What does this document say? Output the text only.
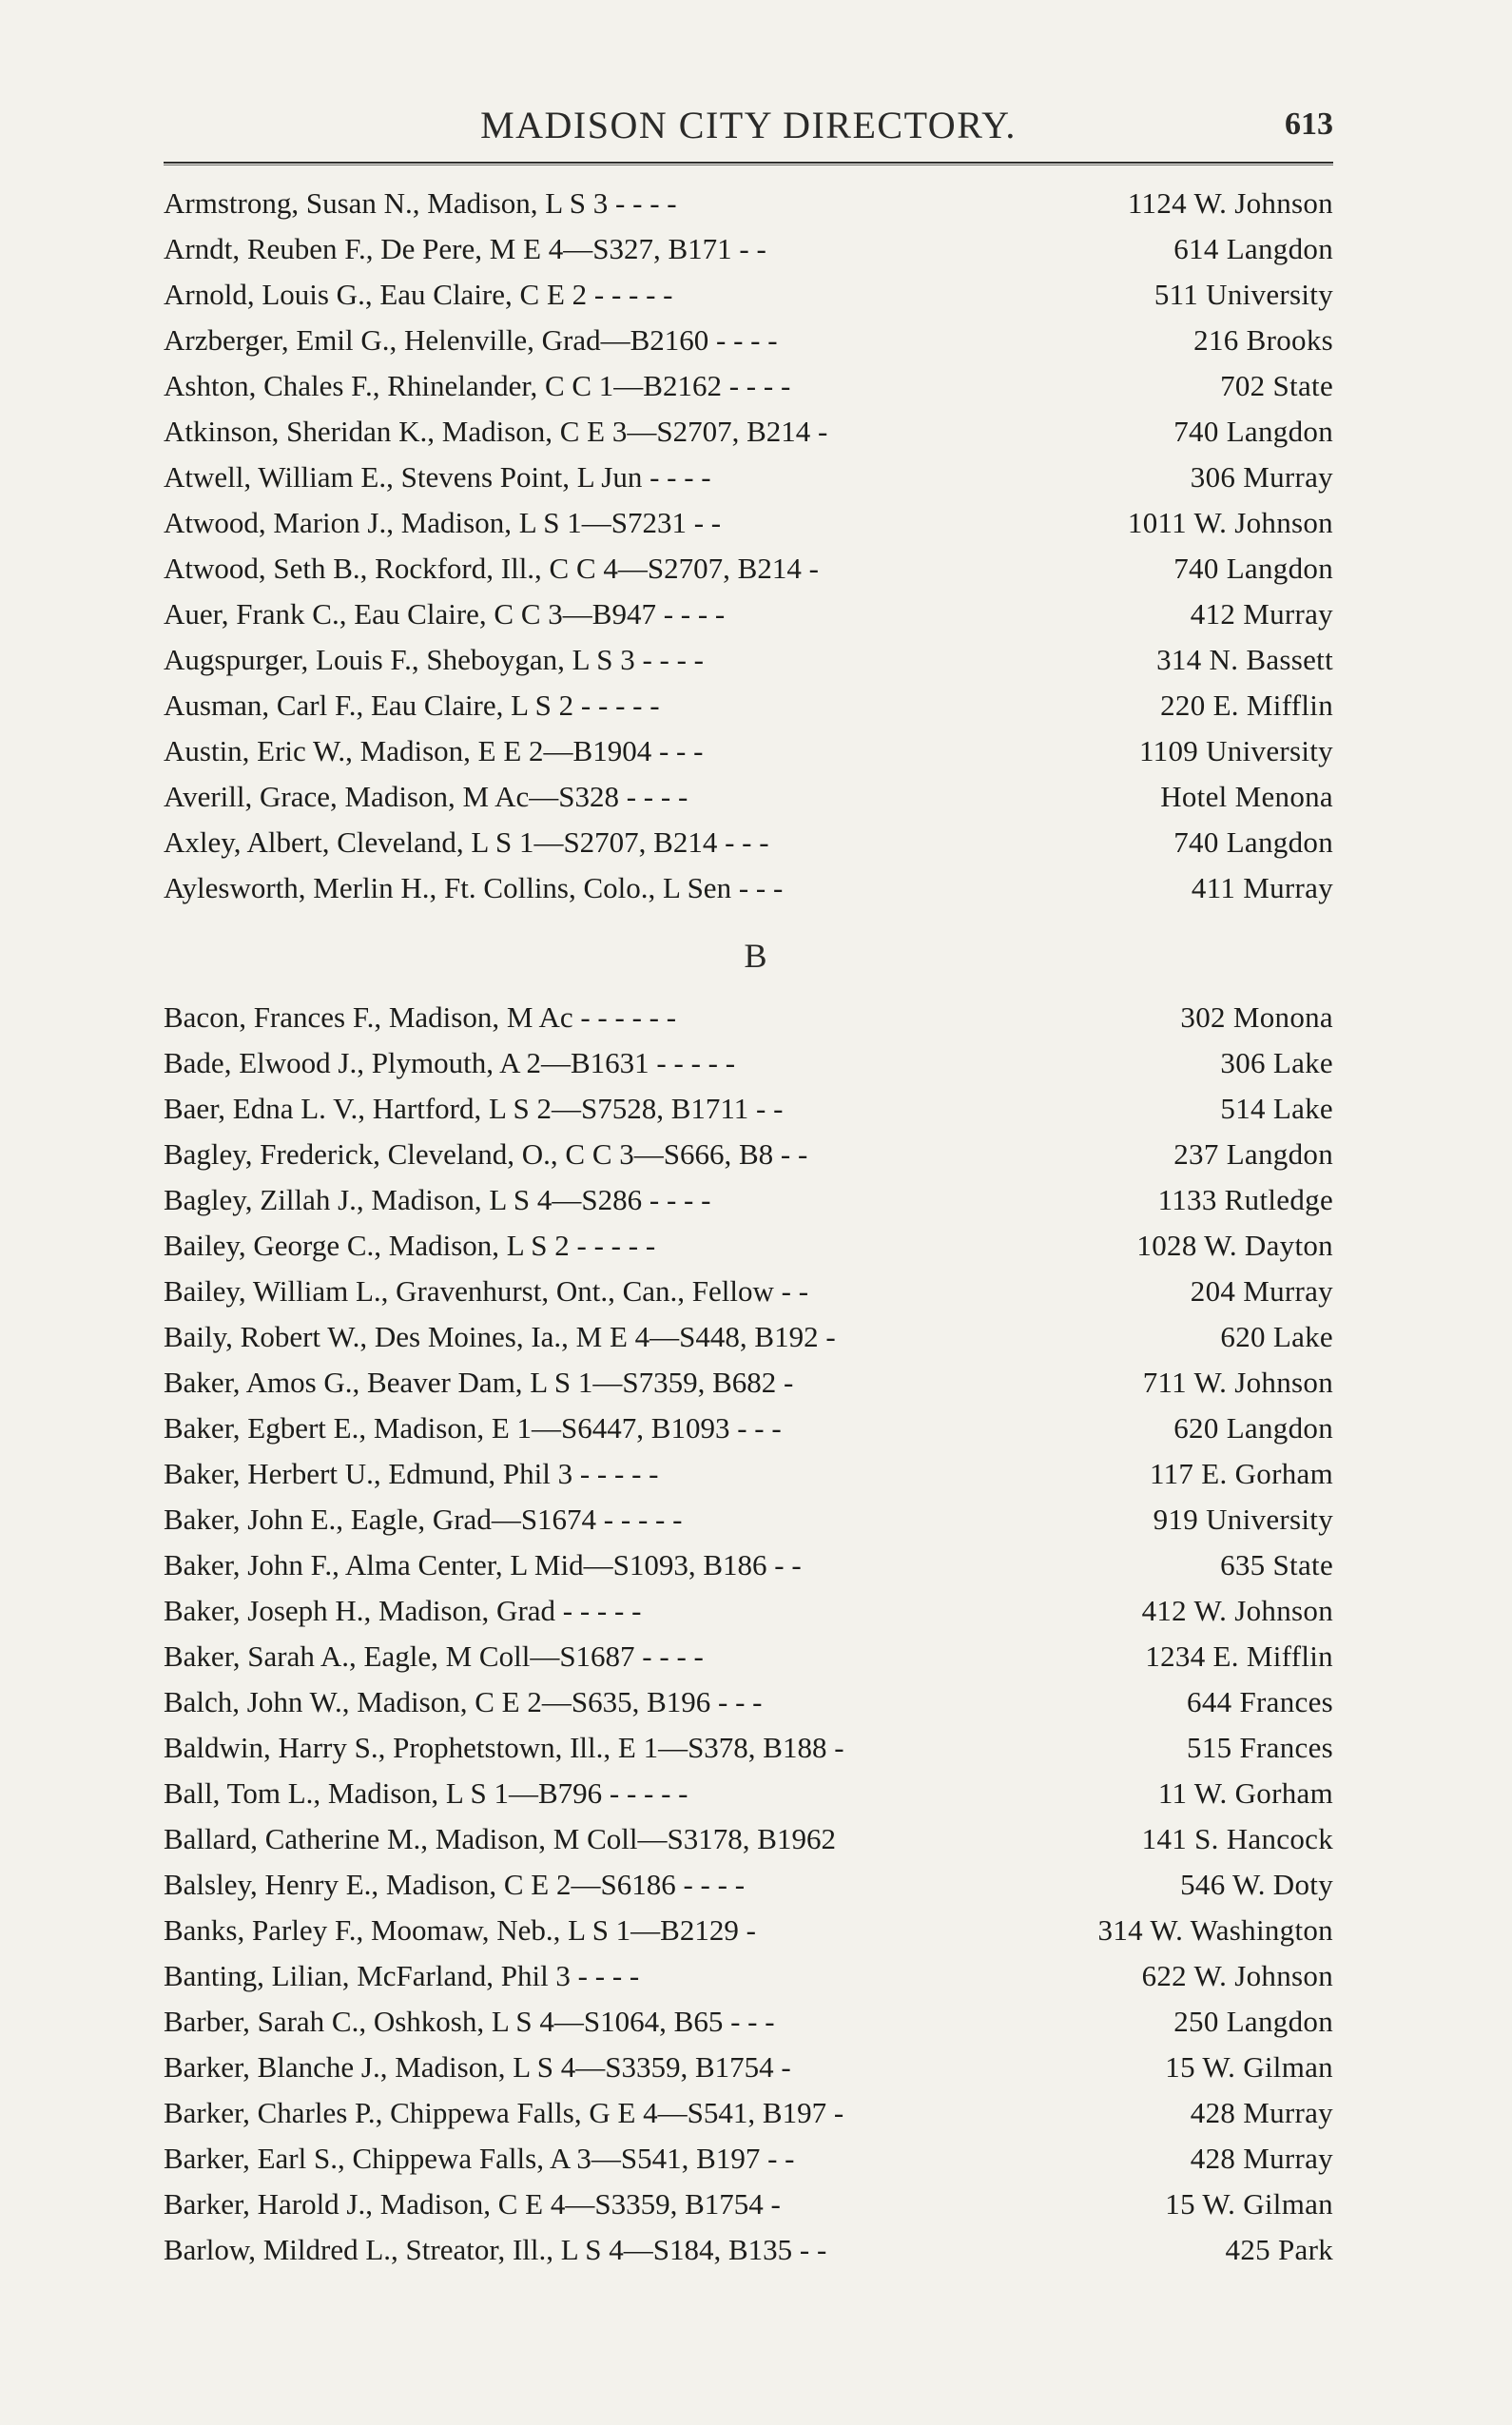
MADISON CITY DIRECTORY.	613
Armstrong, Susan N., Madison, L S 3 - - - -	1124 W. Johnson
Arndt, Reuben F., De Pere, M E 4—S327, B171 - -	614 Langdon
Arnold, Louis G., Eau Claire, C E 2 - - - - -	511 University
Arzberger, Emil G., Helenville, Grad—B2160 - - - -	216 Brooks
Ashton, Chales F., Rhinelander, C C 1—B2162 - - - -	702 State
Atkinson, Sheridan K., Madison, C E 3—S2707, B214 -	740 Langdon
Atwell, William E., Stevens Point, L Jun - - - -	306 Murray
Atwood, Marion J., Madison, L S 1—S7231 - -	1011 W. Johnson
Atwood, Seth B., Rockford, Ill., C C 4—S2707, B214 -	740 Langdon
Auer, Frank C., Eau Claire, C C 3—B947 - - - -	412 Murray
Augspurger, Louis F., Sheboygan, L S 3 - - - -	314 N. Bassett
Ausman, Carl F., Eau Claire, L S 2 - - - - -	220 E. Mifflin
Austin, Eric W., Madison, E E 2—B1904 - - -	1109 University
Averill, Grace, Madison, M Ac—S328 - - - -	Hotel Menona
Axley, Albert, Cleveland, L S 1—S2707, B214 - - -	740 Langdon
Aylesworth, Merlin H., Ft. Collins, Colo., L Sen - - -	411 Murray
B
Bacon, Frances F., Madison, M Ac - - - - - -	302 Monona
Bade, Elwood J., Plymouth, A 2—B1631 - - - - -	306 Lake
Baer, Edna L. V., Hartford, L S 2—S7528, B1711 - -	514 Lake
Bagley, Frederick, Cleveland, O., C C 3—S666, B8 - -	237 Langdon
Bagley, Zillah J., Madison, L S 4—S286 - - - -	1133 Rutledge
Bailey, George C., Madison, L S 2 - - - - -	1028 W. Dayton
Bailey, William L., Gravenhurst, Ont., Can., Fellow - -	204 Murray
Baily, Robert W., Des Moines, Ia., M E 4—S448, B192 -	620 Lake
Baker, Amos G., Beaver Dam, L S 1—S7359, B682 -	711 W. Johnson
Baker, Egbert E., Madison, E 1—S6447, B1093 - - -	620 Langdon
Baker, Herbert U., Edmund, Phil 3 - - - - -	117 E. Gorham
Baker, John E., Eagle, Grad—S1674 - - - - -	919 University
Baker, John F., Alma Center, L Mid—S1093, B186 - -	635 State
Baker, Joseph H., Madison, Grad - - - - -	412 W. Johnson
Baker, Sarah A., Eagle, M Coll—S1687 - - - -	1234 E. Mifflin
Balch, John W., Madison, C E 2—S635, B196 - - -	644 Frances
Baldwin, Harry S., Prophetstown, Ill., E 1—S378, B188 -	515 Frances
Ball, Tom L., Madison, L S 1—B796 - - - - -	11 W. Gorham
Ballard, Catherine M., Madison, M Coll—S3178, B1962	141 S. Hancock
Balsley, Henry E., Madison, C E 2—S6186 - - - -	546 W. Doty
Banks, Parley F., Moomaw, Neb., L S 1—B2129 -	314 W. Washington
Banting, Lilian, McFarland, Phil 3 - - - -	622 W. Johnson
Barber, Sarah C., Oshkosh, L S 4—S1064, B65 - - -	250 Langdon
Barker, Blanche J., Madison, L S 4—S3359, B1754 -	15 W. Gilman
Barker, Charles P., Chippewa Falls, G E 4—S541, B197 -	428 Murray
Barker, Earl S., Chippewa Falls, A 3—S541, B197 - -	428 Murray
Barker, Harold J., Madison, C E 4—S3359, B1754 -	15 W. Gilman
Barlow, Mildred L., Streator, Ill., L S 4—S184, B135 - -	425 Park
